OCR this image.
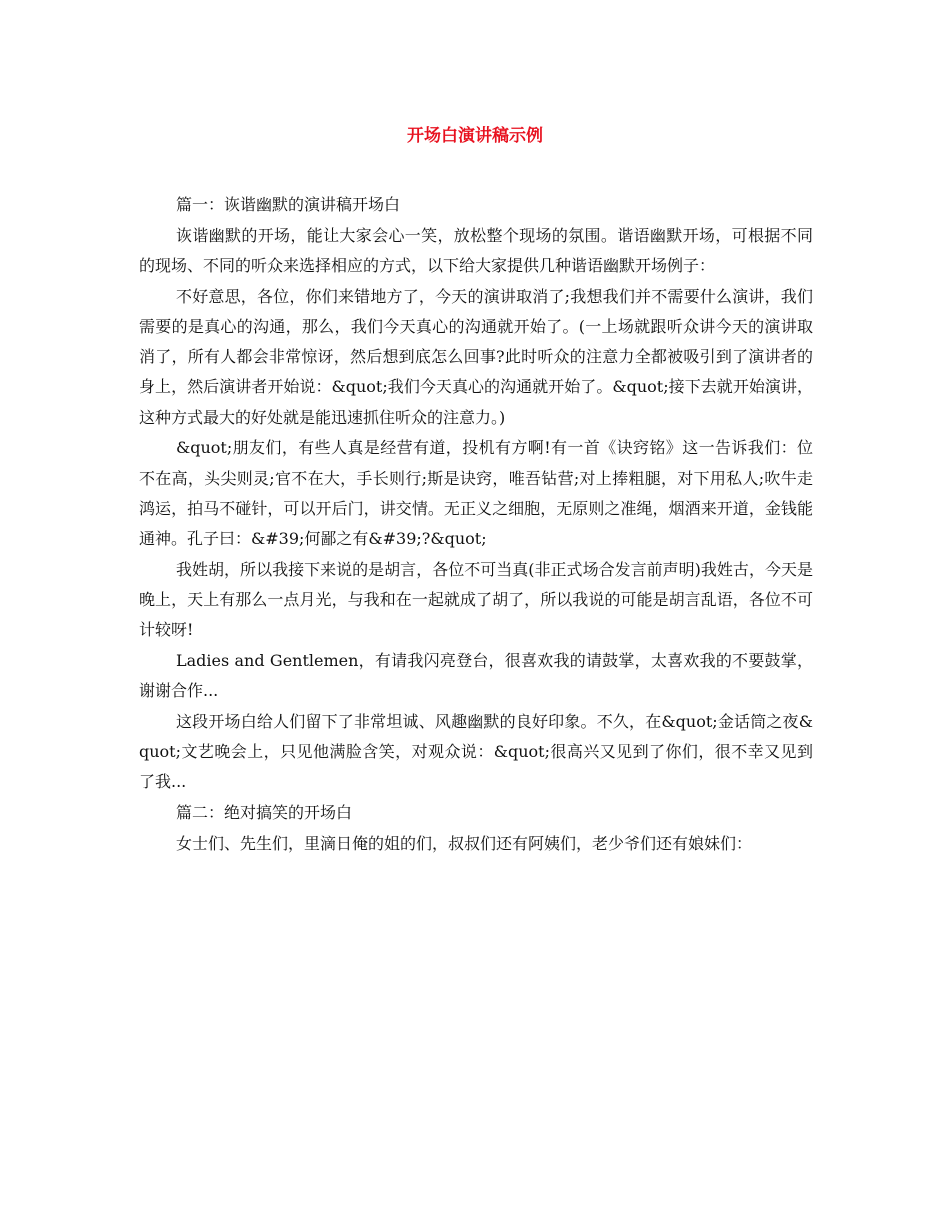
开场白演讲稿示例

篇一：诙谐幽默的演讲稿开场白

诙谐幽默的开场，能让大家会心一笑，放松整个现场的氛围。谐语幽默开场，可根据不同的现场、不同的听众来选择相应的方式，以下给大家提供几种谐语幽默开场例子：

不好意思，各位，你们来错地方了，今天的演讲取消了;我想我们并不需要什么演讲，我们需要的是真心的沟通，那么，我们今天真心的沟通就开始了。(一上场就跟听众讲今天的演讲取消了，所有人都会非常惊讶，然后想到底怎么回事?此时听众的注意力全都被吸引到了演讲者的身上，然后演讲者开始说：&quot;我们今天真心的沟通就开始了。&quot;接下去就开始演讲，这种方式最大的好处就是能迅速抓住听众的注意力。)

&quot;朋友们，有些人真是经营有道，投机有方啊!有一首《诀窍铭》这一告诉我们：位不在高，头尖则灵;官不在大，手长则行;斯是诀窍，唯吾钻营;对上捧粗腿，对下用私人;吹牛走鸿运，拍马不碰针，可以开后门，讲交情。无正义之细胞，无原则之准绳，烟酒来开道，金钱能通神。孔子曰：&#39;何鄙之有&#39;?&quot;

我姓胡，所以我接下来说的是胡言，各位不可当真(非正式场合发言前声明)我姓古，今天是晚上，天上有那么一点月光，与我和在一起就成了胡了，所以我说的可能是胡言乱语，各位不可计较呀!

Ladies and Gentlemen，有请我闪亮登台，很喜欢我的请鼓掌，太喜欢我的不要鼓掌，谢谢合作...

这段开场白给人们留下了非常坦诚、风趣幽默的良好印象。不久，在&quot;金话筒之夜&quot;文艺晚会上，只见他满脸含笑，对观众说：&quot;很高兴又见到了你们，很不幸又见到了我...

篇二：绝对搞笑的开场白

女士们、先生们，里滴日俺的姐的们，叔叔们还有阿姨们，老少爷们还有娘妹们：
